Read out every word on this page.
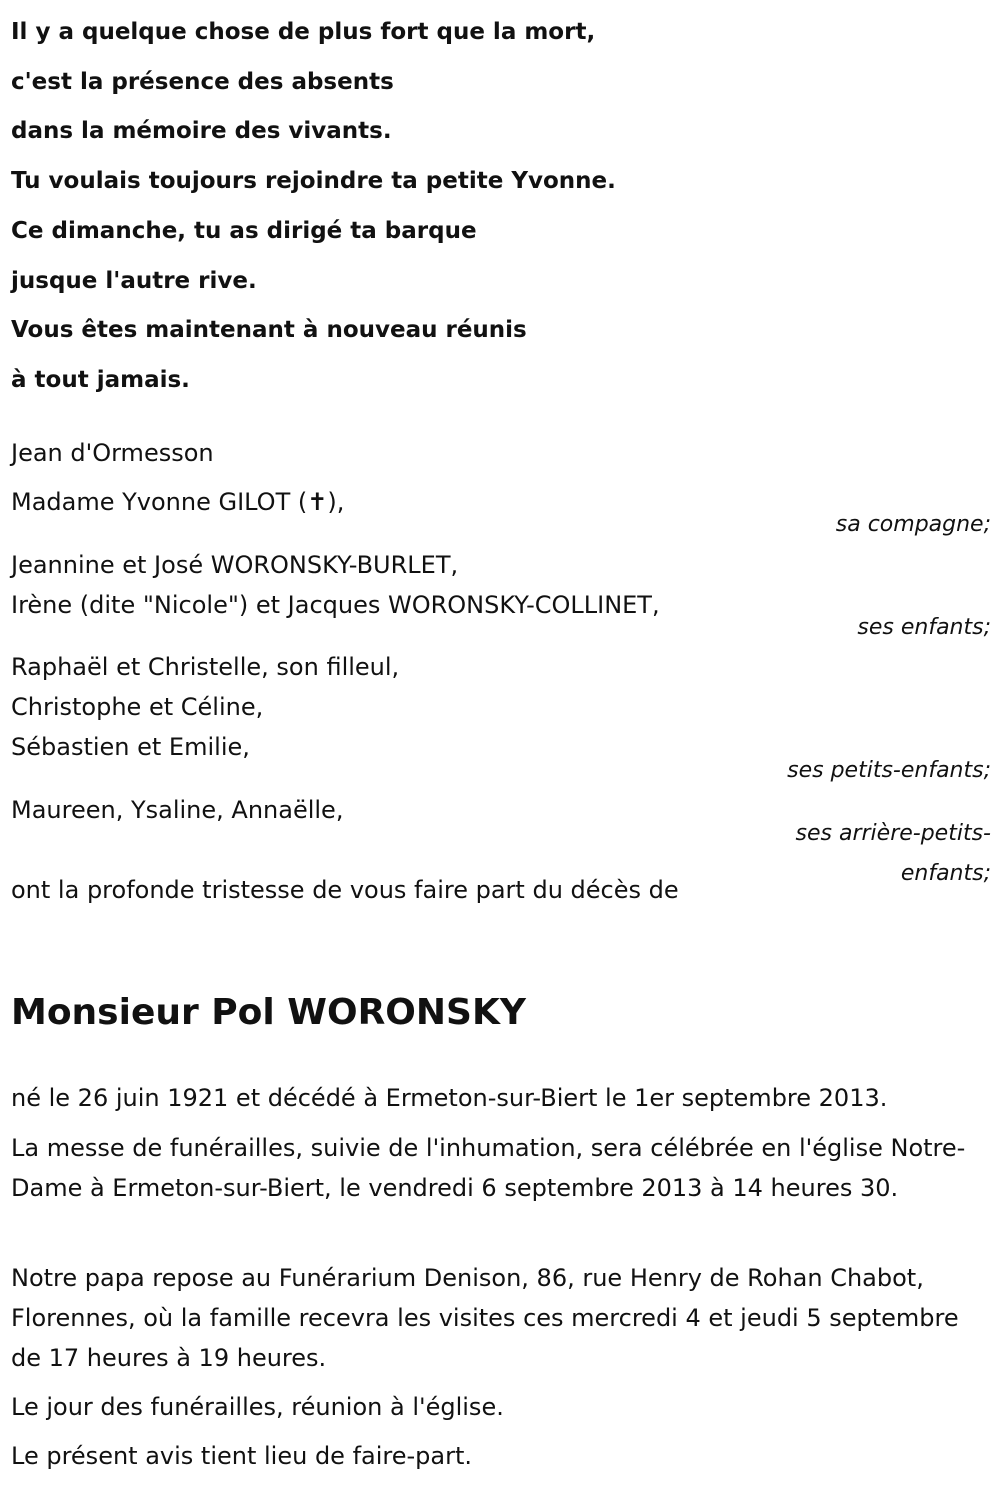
Il y a quelque chose de plus fort que la mort,
c'est la présence des absents
dans la mémoire des vivants.
Tu voulais toujours rejoindre ta petite Yvonne.
Ce dimanche, tu as dirigé ta barque
jusque l'autre rive.
Vous êtes maintenant à nouveau réunis
à tout jamais.
Jean d'Ormesson
Madame Yvonne GILOT (✝),
sa compagne;
Jeannine et José WORONSKY-BURLET,
Irène (dite "Nicole") et Jacques WORONSKY-COLLINET,
ses enfants;
Raphaël et Christelle, son filleul,
Christophe et Céline,
Sébastien et Emilie,
ses petits-enfants;
Maureen, Ysaline, Annaëlle,
ses arrière-petits-
enfants;
ont la profonde tristesse de vous faire part du décès de
Monsieur Pol WORONSKY
né le 26 juin 1921 et décédé à Ermeton-sur-Biert le 1er septembre 2013.
La messe de funérailles, suivie de l'inhumation, sera célébrée en l'église Notre-Dame à Ermeton-sur-Biert, le vendredi 6 septembre 2013 à 14 heures 30.
Notre papa repose au Funérarium Denison, 86, rue Henry de Rohan Chabot, Florennes, où la famille recevra les visites ces mercredi 4 et jeudi 5 septembre de 17 heures à 19 heures.
Le jour des funérailles, réunion à l'église.
Le présent avis tient lieu de faire-part.
